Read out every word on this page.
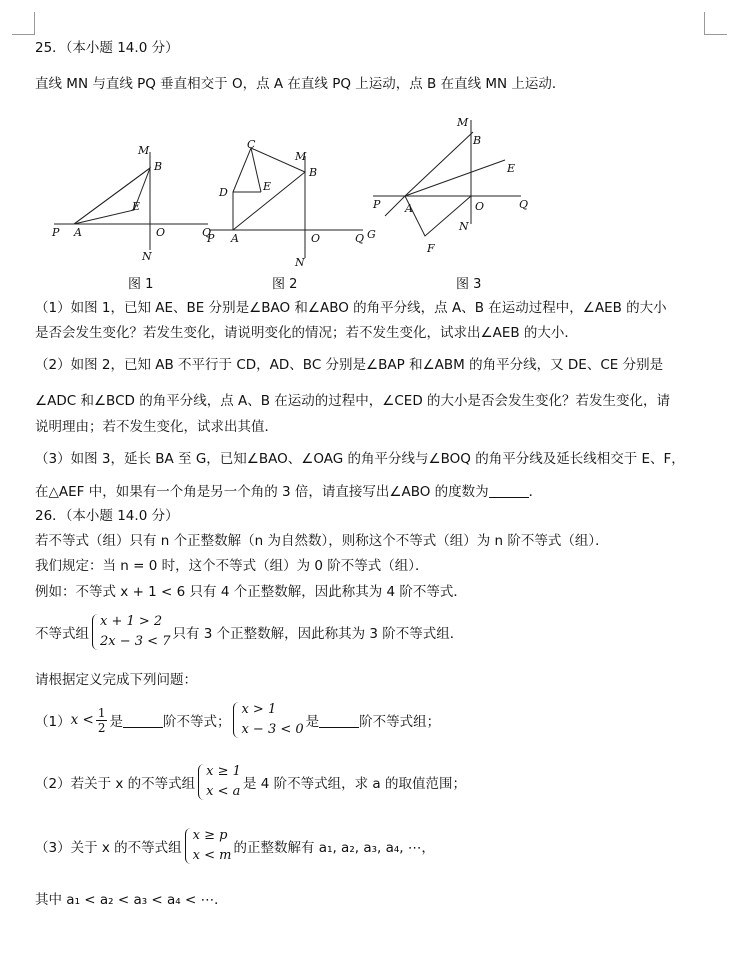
25．（本小题 14.0 分）
直线 MN 与直线 PQ 垂直相交于 O，点 A 在直线 PQ 上运动，点 B 在直线 MN 上运动．
M
B
E
P A	O	Q
N
C
M
B
D	E
P A	O	Q
N
M
B
E
P A	O	Q
G
N
F
图 1	图 2	图 3
（1）如图 1，已知 AE、BE 分别是∠BAO 和∠ABO 的角平分线，点 A、B 在运动过程中，∠AEB 的大小
是否会发生变化？若发生变化，请说明变化的情况；若不发生变化，试求出∠AEB 的大小．
（2）如图 2，已知 AB 不平行于 CD，AD、BC 分别是∠BAP 和∠ABM 的角平分线，又 DE、CE 分别是
∠ADC 和∠BCD 的角平分线，点 A、B 在运动的过程中，∠CED 的大小是否会发生变化？若发生变化，请
说明理由；若不发生变化，试求出其值．
（3）如图 3，延长 BA 至 G，已知∠BAO、∠OAG 的角平分线与∠BOQ 的角平分线及延长线相交于 E、F，
在△AEF 中，如果有一个角是另一个角的 3 倍，请直接写出∠ABO 的度数为	．
26．（本小题 14.0 分）
若不等式（组）只有 n 个正整数解（n 为自然数），则称这个不等式（组）为 n 阶不等式（组）．
我们规定：当 n = 0 时，这个不等式（组）为 0 阶不等式（组）．
例如：不等式 x + 1 < 6 只有 4 个正整数解，因此称其为 4 阶不等式．
不等式组
x + 1 > 2
2x − 3 < 7 只有 3 个正整数解，因此称其为 3 阶不等式组．
请根据定义完成下列问题：
（1） $x < \frac{1}{2}$ 是	阶不等式；
x > 1
x − 3 < 0 是	阶不等式组；
（2）若关于 x 的不等式组
x ≥ 1
x < a 是 4 阶不等式组，求 a 的取值范围；
（3）关于 x 的不等式组
x ≥ p
x < m 的正整数解有 a₁, a₂, a₃, a₄, ⋯，
其中 a₁ < a₂ < a₃ < a₄ < ⋯．
